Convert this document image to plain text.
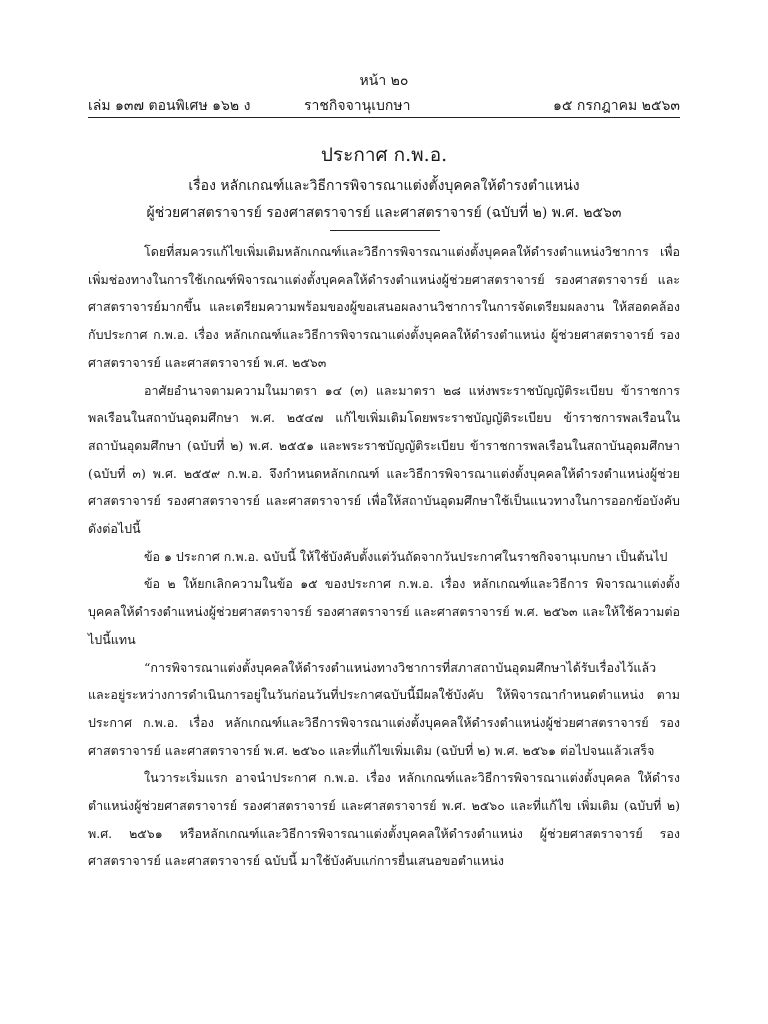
หน้า ๒๐
เล่ม ๑๓๗ ตอนพิเศษ ๑๖๒ ง	ราชกิจจานุเบกษา	๑๕ กรกฎาคม ๒๕๖๓
ประกาศ ก.พ.อ.
เรื่อง หลักเกณฑ์และวิธีการพิจารณาแต่งตั้งบุคคลให้ดำรงตำแหน่ง
ผู้ช่วยศาสตราจารย์ รองศาสตราจารย์ และศาสตราจารย์ (ฉบับที่ ๒) พ.ศ. ๒๕๖๓

โดยที่สมควรแก้ไขเพิ่มเติมหลักเกณฑ์และวิธีการพิจารณาแต่งตั้งบุคคลให้ดำรงตำแหน่งวิชาการ เพื่อเพิ่มช่องทางในการใช้เกณฑ์พิจารณาแต่งตั้งบุคคลให้ดำรงตำแหน่งผู้ช่วยศาสตราจารย์ รองศาสตราจารย์ และศาสตราจารย์มากขึ้น และเตรียมความพร้อมของผู้ขอเสนอผลงานวิชาการในการจัดเตรียมผลงาน ให้สอดคล้องกับประกาศ ก.พ.อ. เรื่อง หลักเกณฑ์และวิธีการพิจารณาแต่งตั้งบุคคลให้ดำรงตำแหน่ง ผู้ช่วยศาสตราจารย์ รองศาสตราจารย์ และศาสตราจารย์ พ.ศ. ๒๕๖๓

อาศัยอำนาจตามความในมาตรา ๑๔ (๓) และมาตรา ๒๘ แห่งพระราชบัญญัติระเบียบ ข้าราชการพลเรือนในสถาบันอุดมศึกษา พ.ศ. ๒๕๔๗ แก้ไขเพิ่มเติมโดยพระราชบัญญัติระเบียบ ข้าราชการพลเรือนในสถาบันอุดมศึกษา (ฉบับที่ ๒) พ.ศ. ๒๕๕๑ และพระราชบัญญัติระเบียบ ข้าราชการพลเรือนในสถาบันอุดมศึกษา (ฉบับที่ ๓) พ.ศ. ๒๕๕๙ ก.พ.อ. จึงกำหนดหลักเกณฑ์ และวิธีการพิจารณาแต่งตั้งบุคคลให้ดำรงตำแหน่งผู้ช่วยศาสตราจารย์ รองศาสตราจารย์ และศาสตราจารย์ เพื่อให้สถาบันอุดมศึกษาใช้เป็นแนวทางในการออกข้อบังคับ ดังต่อไปนี้

ข้อ ๑ ประกาศ ก.พ.อ. ฉบับนี้ ให้ใช้บังคับตั้งแต่วันถัดจากวันประกาศในราชกิจจานุเบกษา เป็นต้นไป

ข้อ ๒ ให้ยกเลิกความในข้อ ๑๕ ของประกาศ ก.พ.อ. เรื่อง หลักเกณฑ์และวิธีการ พิจารณาแต่งตั้งบุคคลให้ดำรงตำแหน่งผู้ช่วยศาสตราจารย์ รองศาสตราจารย์ และศาสตราจารย์ พ.ศ. ๒๕๖๓ และให้ใช้ความต่อไปนี้แทน

“การพิจารณาแต่งตั้งบุคคลให้ดำรงตำแหน่งทางวิชาการที่สภาสถาบันอุดมศึกษาได้รับเรื่องไว้แล้ว และอยู่ระหว่างการดำเนินการอยู่ในวันก่อนวันที่ประกาศฉบับนี้มีผลใช้บังคับ ให้พิจารณากำหนดตำแหน่ง ตามประกาศ ก.พ.อ. เรื่อง หลักเกณฑ์และวิธีการพิจารณาแต่งตั้งบุคคลให้ดำรงตำแหน่งผู้ช่วยศาสตราจารย์ รองศาสตราจารย์ และศาสตราจารย์ พ.ศ. ๒๕๖๐ และที่แก้ไขเพิ่มเติม (ฉบับที่ ๒) พ.ศ. ๒๕๖๑ ต่อไปจนแล้วเสร็จ

ในวาระเริ่มแรก อาจนำประกาศ ก.พ.อ. เรื่อง หลักเกณฑ์และวิธีการพิจารณาแต่งตั้งบุคคล ให้ดำรงตำแหน่งผู้ช่วยศาสตราจารย์ รองศาสตราจารย์ และศาสตราจารย์ พ.ศ. ๒๕๖๐ และที่แก้ไข เพิ่มเติม (ฉบับที่ ๒) พ.ศ. ๒๕๖๑ หรือหลักเกณฑ์และวิธีการพิจารณาแต่งตั้งบุคคลให้ดำรงตำแหน่ง ผู้ช่วยศาสตราจารย์ รองศาสตราจารย์ และศาสตราจารย์ ฉบับนี้ มาใช้บังคับแก่การยื่นเสนอขอตำแหน่ง
